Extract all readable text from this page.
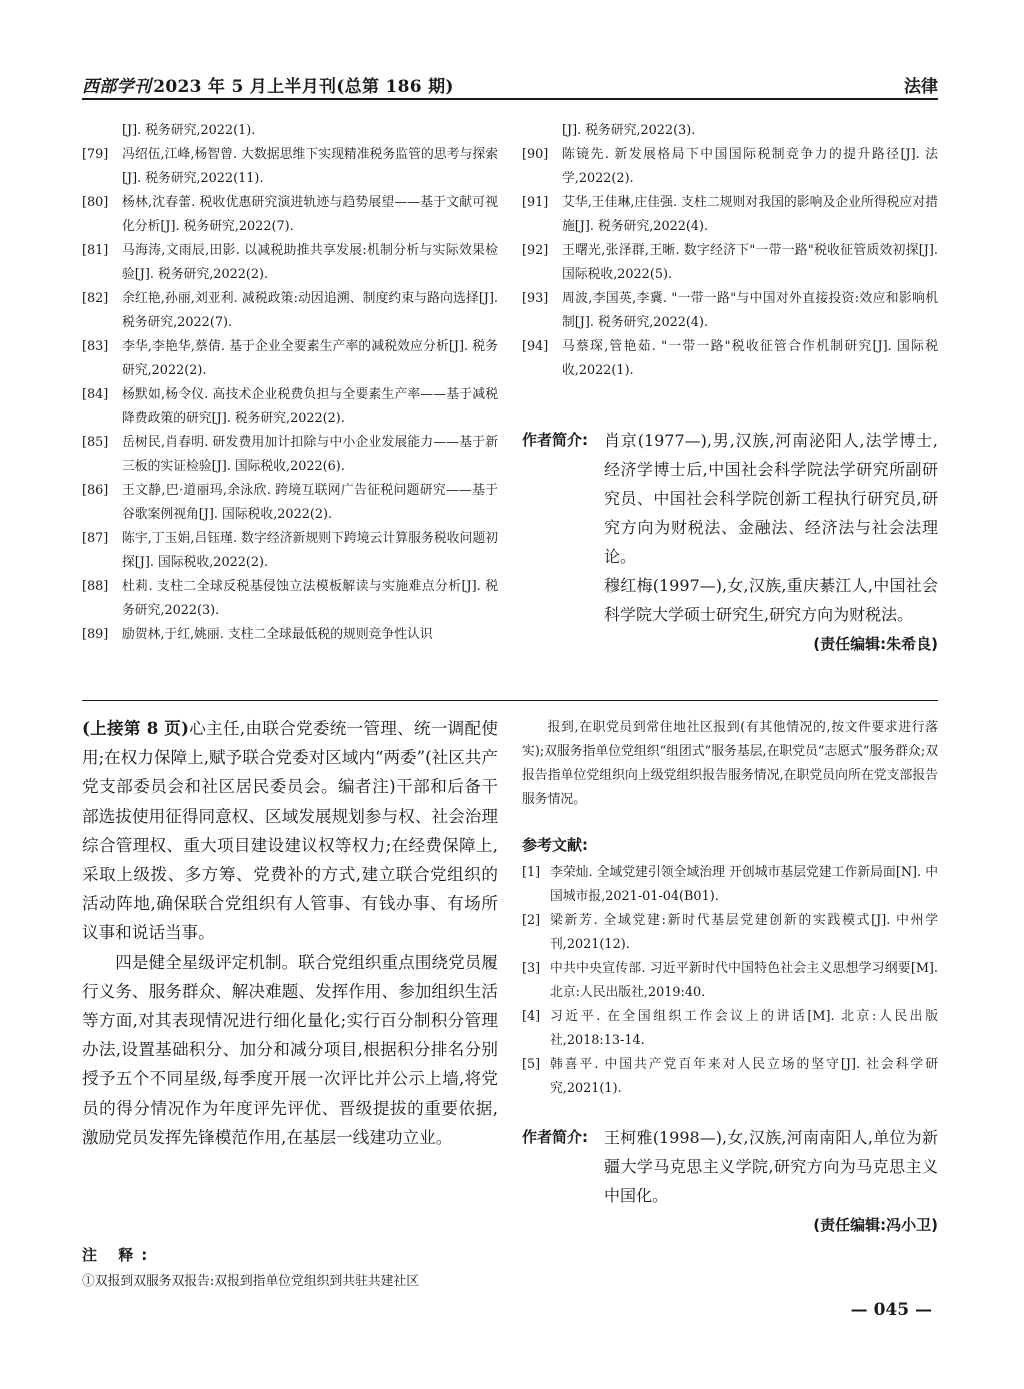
西部学刊 2023 年 5 月上半月刊(总第 186 期)	法律
[J]. 税务研究,2022(1).
[79]	冯绍伍,江峰,杨智曾. 大数据思维下实现精准税务监管的思考与探索[J]. 税务研究,2022(11).
[80]	杨林,沈春蕾. 税收优惠研究演进轨迹与趋势展望——基于文献可视化分析[J]. 税务研究,2022(7).
[81]	马海涛,文雨辰,田影. 以减税助推共享发展:机制分析与实际效果检验[J]. 税务研究,2022(2).
[82]	余红艳,孙丽,刘亚利. 减税政策:动因追溯、制度约束与路向选择[J]. 税务研究,2022(7).
[83]	李华,李艳华,蔡倩. 基于企业全要素生产率的减税效应分析[J]. 税务研究,2022(2).
[84]	杨默如,杨令仪. 高技术企业税费负担与全要素生产率——基于减税降费政策的研究[J]. 税务研究,2022(2).
[85]	岳树民,肖春明. 研发费用加计扣除与中小企业发展能力——基于新三板的实证检验[J]. 国际税收,2022(6).
[86]	王文静,巴·道丽玛,余泳欣. 跨境互联网广告征税问题研究——基于谷歌案例视角[J]. 国际税收,2022(2).
[87]	陈宇,丁玉娟,吕钰瑾. 数字经济新规则下跨境云计算服务税收问题初探[J]. 国际税收,2022(2).
[88]	杜莉. 支柱二全球反税基侵蚀立法模板解读与实施难点分析[J]. 税务研究,2022(3).
[89]	励贺林,于红,姚丽. 支柱二全球最低税的规则竞争性认识
[J]. 税务研究,2022(3).
[90]	陈镜先. 新发展格局下中国国际税制竞争力的提升路径[J]. 法学,2022(2).
[91]	艾华,王佳琳,庄佳强. 支柱二规则对我国的影响及企业所得税应对措施[J]. 税务研究,2022(4).
[92]	王曙光,张泽群,王晰. 数字经济下"一带一路"税收征管质效初探[J]. 国际税收,2022(5).
[93]	周波,李国英,李冀. "一带一路"与中国对外直接投资:效应和影响机制[J]. 税务研究,2022(4).
[94]	马蔡琛,管艳茹. "一带一路"税收征管合作机制研究[J]. 国际税收,2022(1).
作者简介:	肖京(1977—),男,汉族,河南泌阳人,法学博士,经济学博士后,中国社会科学院法学研究所副研究员、中国社会科学院创新工程执行研究员,研究方向为财税法、金融法、经济法与社会法理论。

穆红梅(1997—),女,汉族,重庆綦江人,中国社会科学院大学硕士研究生,研究方向为财税法。

(责任编辑:朱希良)

(上接第 8 页)心主任,由联合党委统一管理、统一调配使用;在权力保障上,赋予联合党委对区域内“两委”(社区共产党支部委员会和社区居民委员会。编者注)干部和后备干部选拔使用征得同意权、区域发展规划参与权、社会治理综合管理权、重大项目建设建议权等权力;在经费保障上,采取上级拨、多方筹、党费补的方式,建立联合党组织的活动阵地,确保联合党组织有人管事、有钱办事、有场所议事和说话当事。

四是健全星级评定机制。联合党组织重点围绕党员履行义务、服务群众、解决难题、发挥作用、参加组织生活等方面,对其表现情况进行细化量化;实行百分制积分管理办法,设置基础积分、加分和减分项目,根据积分排名分别授予五个不同星级,每季度开展一次评比并公示上墙,将党员的得分情况作为年度评先评优、晋级提拔的重要依据,激励党员发挥先锋模范作用,在基层一线建功立业。

注 释:
①双报到双服务双报告:双报到指单位党组织到共驻共建社区
报到,在职党员到常住地社区报到(有其他情况的,按文件要求进行落实);双服务指单位党组织“组团式”服务基层,在职党员“志愿式”服务群众;双报告指单位党组织向上级党组织报告服务情况,在职党员向所在党支部报告服务情况。
参考文献:
[1] 李荣灿. 全域党建引领全域治理 开创城市基层党建工作新局面[N]. 中国城市报,2021-01-04(B01).
[2] 梁新芳. 全域党建:新时代基层党建创新的实践模式[J]. 中州学刊,2021(12).
[3] 中共中央宣传部. 习近平新时代中国特色社会主义思想学习纲要[M]. 北京:人民出版社,2019:40.
[4] 习近平. 在全国组织工作会议上的讲话[M]. 北京:人民出版社,2018:13-14.
[5] 韩喜平. 中国共产党百年来对人民立场的坚守[J]. 社会科学研究,2021(1).
作者简介:	王柯雅(1998—),女,汉族,河南南阳人,单位为新疆大学马克思主义学院,研究方向为马克思主义中国化。

(责任编辑:冯小卫)
— 045 —
